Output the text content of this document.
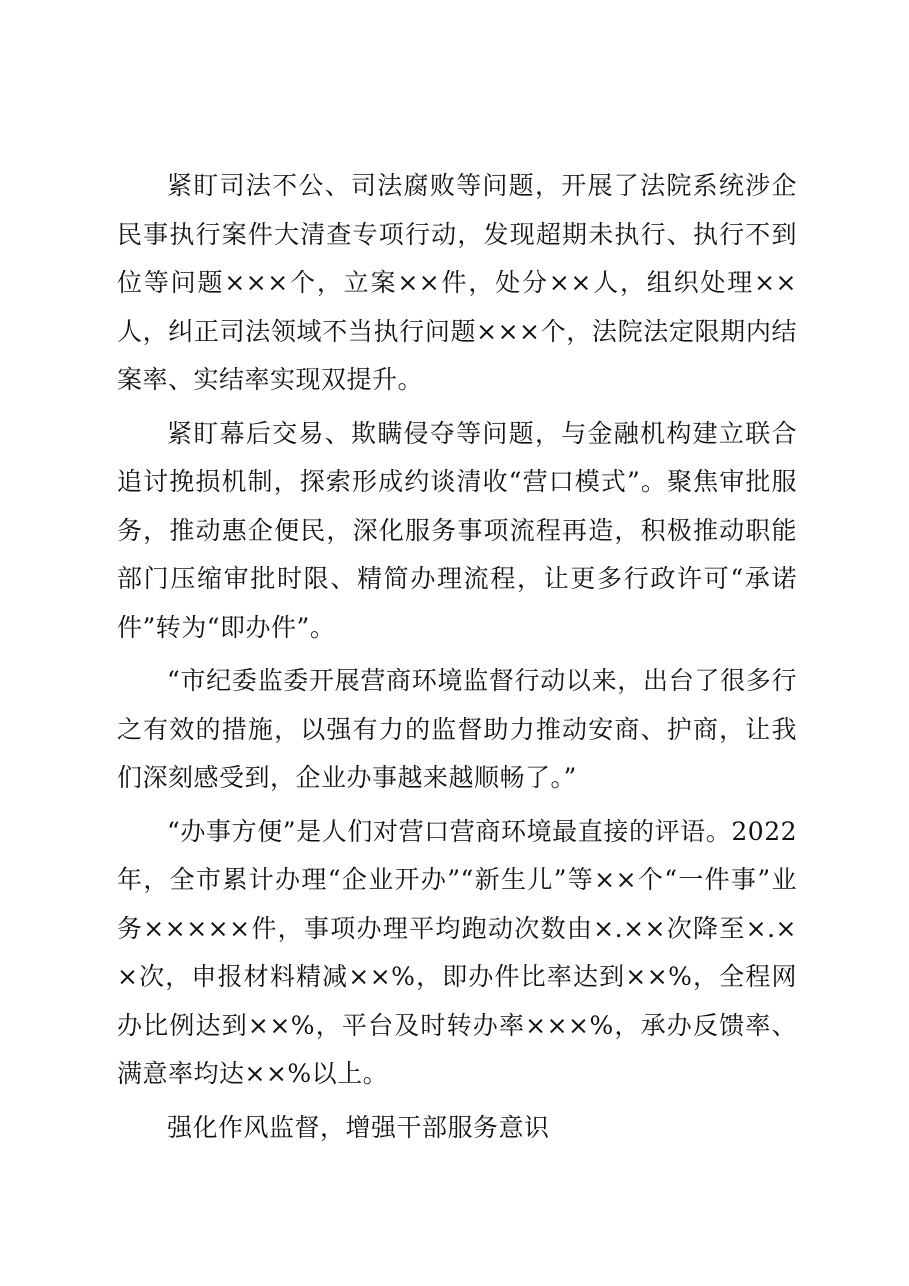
紧盯司法不公、司法腐败等问题，开展了法院系统涉企民事执行案件大清查专项行动，发现超期未执行、执行不到位等问题×××个，立案××件，处分××人，组织处理××人，纠正司法领域不当执行问题×××个，法院法定限期内结案率、实结率实现双提升。

紧盯幕后交易、欺瞒侵夺等问题，与金融机构建立联合追讨挽损机制，探索形成约谈清收“营口模式”。聚焦审批服务，推动惠企便民，深化服务事项流程再造，积极推动职能部门压缩审批时限、精简办理流程，让更多行政许可“承诺件”转为“即办件”。

“市纪委监委开展营商环境监督行动以来，出台了很多行之有效的措施，以强有力的监督助力推动安商、护商，让我们深刻感受到，企业办事越来越顺畅了。”

“办事方便”是人们对营口营商环境最直接的评语。2022年，全市累计办理“企业开办”“新生儿”等××个“一件事”业务×××××件，事项办理平均跑动次数由×.××次降至×.××次，申报材料精减××%，即办件比率达到××%，全程网办比例达到××%，平台及时转办率×××%，承办反馈率、满意率均达××%以上。

强化作风监督，增强干部服务意识
